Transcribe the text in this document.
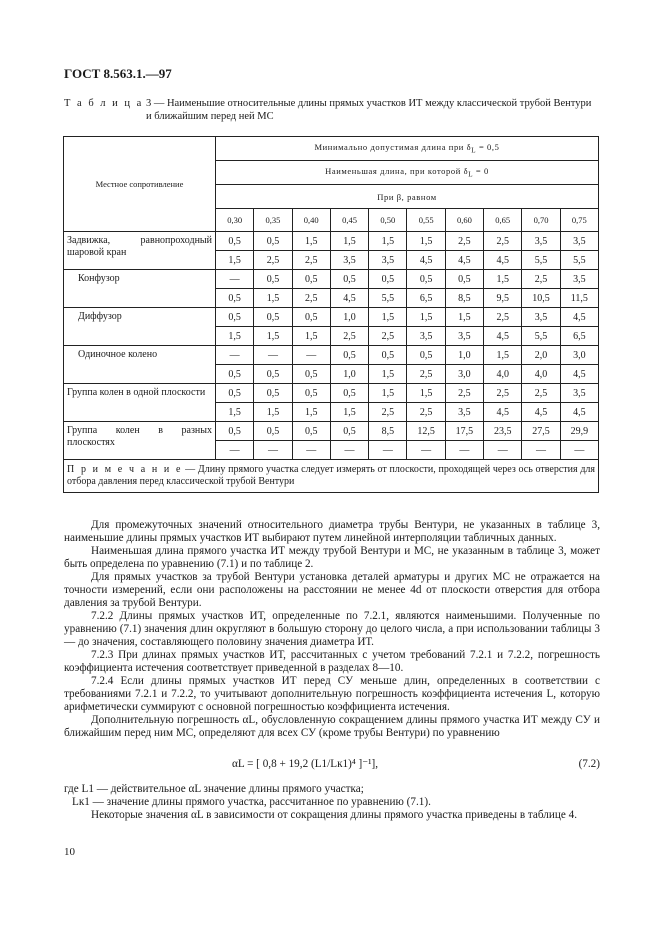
ГОСТ 8.563.1.—97
Т а б л и ц а 3 — Наименьшие относительные длины прямых участков ИТ между классической трубой Вентури
и ближайшим перед ней МС
Местное сопротивление	Минимально допустимая длина при $\delta_L = 0,5$									
	Наименьшая длина, при которой $\delta_L = 0$									
	При β, равном									
	0,30	0,35	0,40	0,45	0,50	0,55	0,60	0,65	0,70	0,75
Задвижка, равнопроходный шаровой кран	0,5	0,5	1,5	1,5	1,5	1,5	2,5	2,5	3,5	3,5
	1,5	2,5	2,5	3,5	3,5	4,5	4,5	4,5	5,5	5,5
Конфузор	—	0,5	0,5	0,5	0,5	0,5	0,5	1,5	2,5	3,5
	0,5	1,5	2,5	4,5	5,5	6,5	8,5	9,5	10,5	11,5
Диффузор	0,5	0,5	0,5	1,0	1,5	1,5	1,5	2,5	3,5	4,5
	1,5	1,5	1,5	2,5	2,5	3,5	3,5	4,5	5,5	6,5
Одиночное колено	—	—	—	0,5	0,5	0,5	1,0	1,5	2,0	3,0
	0,5	0,5	0,5	1,0	1,5	2,5	3,0	4,0	4,0	4,5
Группа колен в одной плоскости	0,5	0,5	0,5	0,5	1,5	1,5	2,5	2,5	2,5	3,5
	1,5	1,5	1,5	1,5	2,5	2,5	3,5	4,5	4,5	4,5
Группа колен в разных плоскостях	0,5	0,5	0,5	0,5	8,5	12,5	17,5	23,5	27,5	29,9
	—	—	—	—	—	—	—	—	—	—
П р и м е ч а н и е — Длину прямого участка следует измерять от плоскости, проходящей через ось отверстия для отбора давления перед классической трубой Вентури										

Для промежуточных значений относительного диаметра трубы Вентури, не указанных в таблице 3, наименьшие длины прямых участков ИТ выбирают путем линейной интерполяции табличных данных.

Наименьшая длина прямого участка ИТ между трубой Вентури и МС, не указанным в таблице 3, может быть определена по уравнению (7.1) и по таблице 2.

Для прямых участков за трубой Вентури установка деталей арматуры и других МС не отражается на точности измерений, если они расположены на расстоянии не менее 4d от плоскости отверстия для отбора давления за трубой Вентури.

7.2.2 Длины прямых участков ИТ, определенные по 7.2.1, являются наименьшими. Полученные по уравнению (7.1) значения длин округляют в большую сторону до целого числа, а при использовании таблицы 3 — до значения, составляющего половину значения диаметра ИТ.

7.2.3 При длинах прямых участков ИТ, рассчитанных с учетом требований 7.2.1 и 7.2.2, погрешность коэффициента истечения соответствует приведенной в разделах 8—10.

7.2.4 Если длины прямых участков ИТ перед СУ меньше длин, определенных в соответствии с требованиями 7.2.1 и 7.2.2, то учитывают дополнительную погрешность коэффициента истечения L, которую арифметически суммируют с основной погрешностью коэффициента истечения.

Дополнительную погрешность αL, обусловленную сокращением длины прямого участка ИТ между СУ и ближайшим перед ним МС, определяют для всех СУ (кроме трубы Вентури) по уравнению

αL = [ 0,8 + 19,2 (L1/Lк1)⁴ ]⁻¹],	(7.2)

где L1 — действительное αL значение длины прямого участка;

Lк1 — значение длины прямого участка, рассчитанное по уравнению (7.1).

Некоторые значения αL в зависимости от сокращения длины прямого участка приведены в таблице 4.

10
